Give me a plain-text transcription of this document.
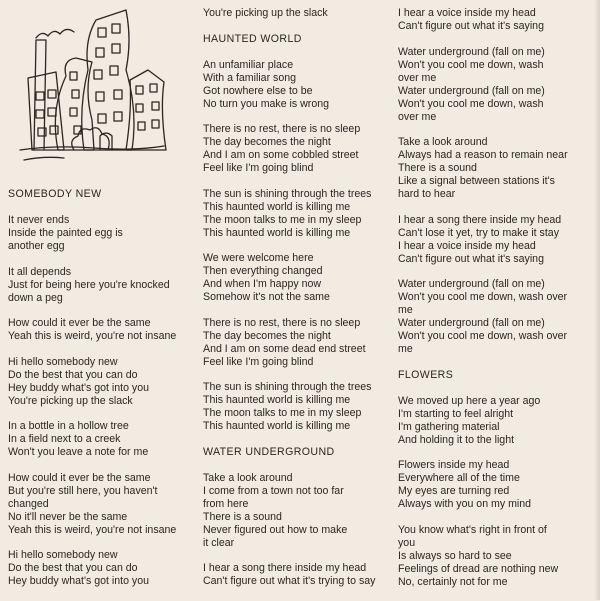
SOMEBODY NEW
It never ends
Inside the painted egg is
another egg
It all depends
Just for being here you're knocked
down a peg
How could it ever be the same
Yeah this is weird, you're not insane
Hi hello somebody new
Do the best that you can do
Hey buddy what's got into you
You're picking up the slack
In a bottle in a hollow tree
In a field next to a creek
Won't you leave a note for me
How could it ever be the same
But you're still here, you haven't
changed
No it'll never be the same
Yeah this is weird, you're not insane
Hi hello somebody new
Do the best that you can do
Hey buddy what's got into you
You're picking up the slack
HAUNTED WORLD
An unfamiliar place
With a familiar song
Got nowhere else to be
No turn you make is wrong
There is no rest, there is no sleep
The day becomes the night
And I am on some cobbled street
Feel like I'm going blind
The sun is shining through the trees
This haunted world is killing me
The moon talks to me in my sleep
This haunted world is killing me
We were welcome here
Then everything changed
And when I'm happy now
Somehow it's not the same
There is no rest, there is no sleep
The day becomes the night
And I am on some dead end street
Feel like I'm going blind
The sun is shining through the trees
This haunted world is killing me
The moon talks to me in my sleep
This haunted world is killing me
WATER UNDERGROUND
Take a look around
I come from a town not too far
from here
There is a sound
Never figured out how to make
it clear
I hear a song there inside my head
Can't figure out what it's trying to say
I hear a voice inside my head
Can't figure out what it's saying
Water underground (fall on me)
Won't you cool me down, wash
over me
Water underground (fall on me)
Won't you cool me down, wash
over me
Take a look around
Always had a reason to remain near
There is a sound
Like a signal between stations it's
hard to hear
I hear a song there inside my head
Can't lose it yet, try to make it stay
I hear a voice inside my head
Can't figure out what it's saying
Water underground (fall on me)
Won't you cool me down, wash over
me
Water underground (fall on me)
Won't you cool me down, wash over
me
FLOWERS
We moved up here a year ago
I'm starting to feel alright
I'm gathering material
And holding it to the light
Flowers inside my head
Everywhere all of the time
My eyes are turning red
Always with you on my mind
You know what's right in front of
you
Is always so hard to see
Feelings of dread are nothing new
No, certainly not for me
